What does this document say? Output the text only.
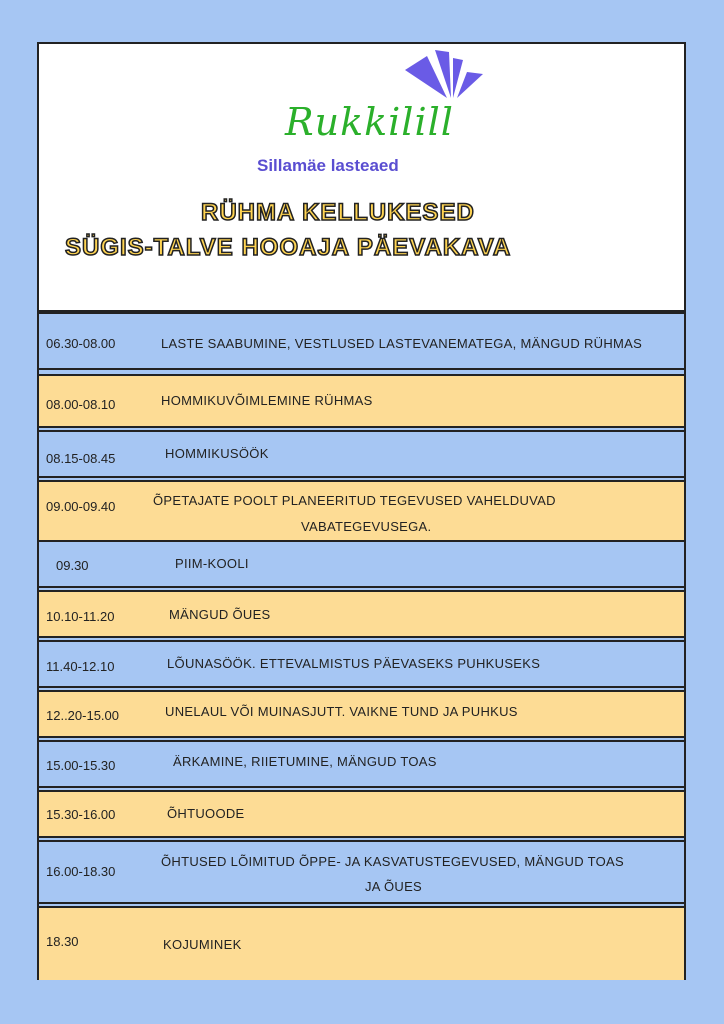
Rukkilill
Sillamäe lasteaed
RÜHMA KELLUKESED
SÜGIS-TALVE HOOAJA PÄEVAKAVA
06.30-08.00	LASTE SAABUMINE, VESTLUSED LASTEVANEMATEGA, MÄNGUD RÜHMAS
08.00-08.10	HOMMIKUVÕIMLEMINE RÜHMAS
08.15-08.45	HOMMIKUSÖÖK
09.00-09.40	ÕPETAJATE POOLT PLANEERITUD TEGEVUSED VAHELDUVAD
VABATEGEVUSEGA.
09.30	PIIM-KOOLI
10.10-11.20	MÄNGUD ÕUES
11.40-12.10	LÕUNASÖÖK. ETTEVALMISTUS PÄEVASEKS PUHKUSEKS
12..20-15.00	UNELAUL VÕI MUINASJUTT. VAIKNE TUND JA PUHKUS
15.00-15.30	ÄRKAMINE, RIIETUMINE, MÄNGUD TOAS
15.30-16.00	ÕHTUOODE
16.00-18.30
ÕHTUSED LÕIMITUD ÕPPE- JA KASVATUSTEGEVUSED, MÄNGUD TOAS
JA ÕUES
18.30	KOJUMINEK
